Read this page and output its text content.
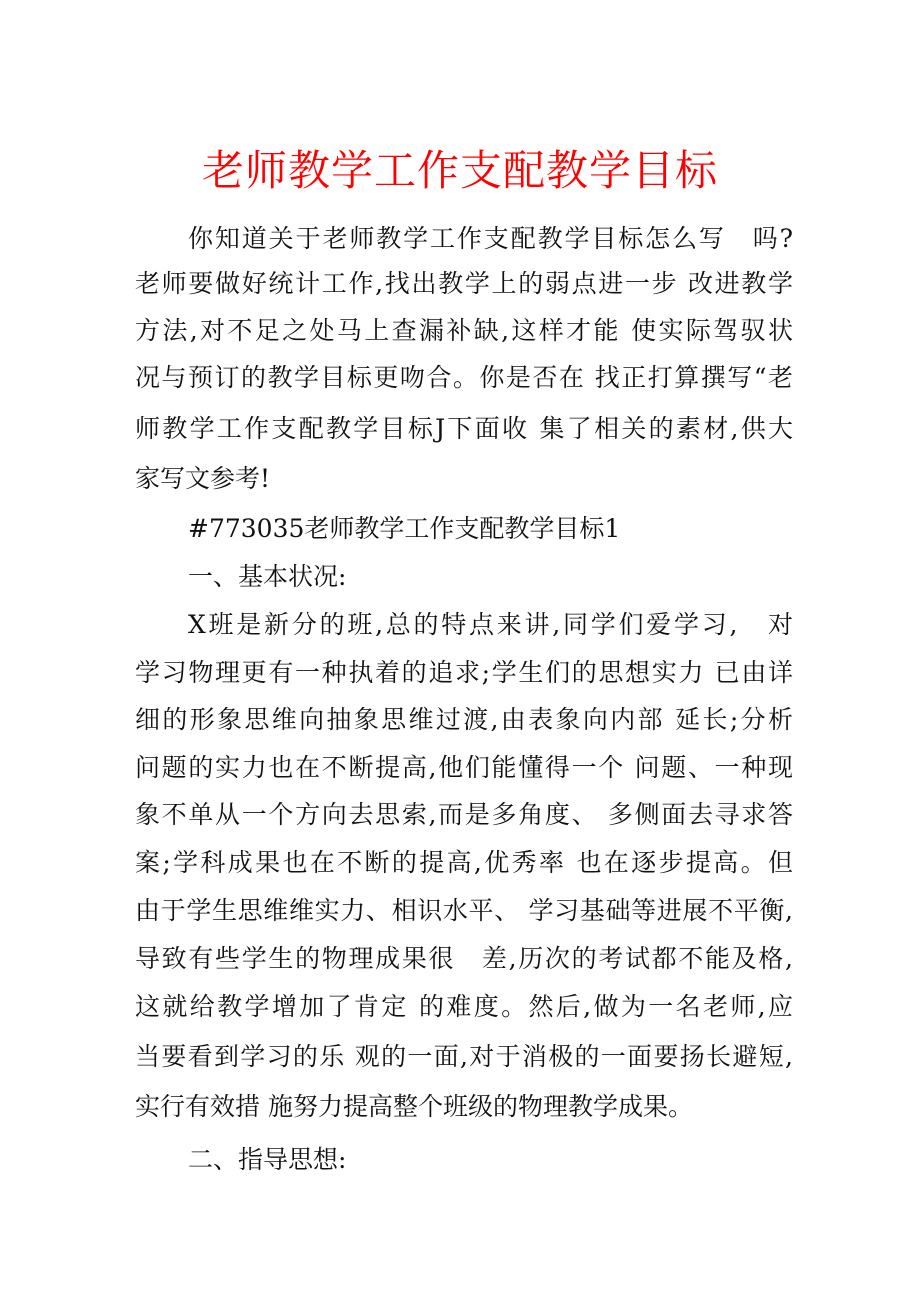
老师教学工作支配教学目标
你知道关于老师教学工作支配教学目标怎么写　吗?
老师要做好统计工作,找出教学上的弱点进一步 改进教学
方法,对不足之处马上查漏补缺,这样才能 使实际驾驭状
况与预订的教学目标更吻合。你是否在 找正打算撰写“老
师教学工作支配教学目标J下面收 集了相关的素材,供大
家写文参考!
#773035老师教学工作支配教学目标1
一、基本状况:
X班是新分的班,总的特点来讲,同学们爱学习,　对
学习物理更有一种执着的追求;学生们的思想实力 已由详
细的形象思维向抽象思维过渡,由表象向内部 延长;分析
问题的实力也在不断提高,他们能懂得一个 问题、一种现
象不单从一个方向去思索,而是多角度、 多侧面去寻求答
案;学科成果也在不断的提高,优秀率 也在逐步提高。但
由于学生思维维实力、相识水平、 学习基础等进展不平衡,
导致有些学生的物理成果很　差,历次的考试都不能及格,
这就给教学增加了肯定 的难度。然后,做为一名老师,应
当要看到学习的乐 观的一面,对于消极的一面要扬长避短,
实行有效措 施努力提高整个班级的物理教学成果。
二、指导思想:
